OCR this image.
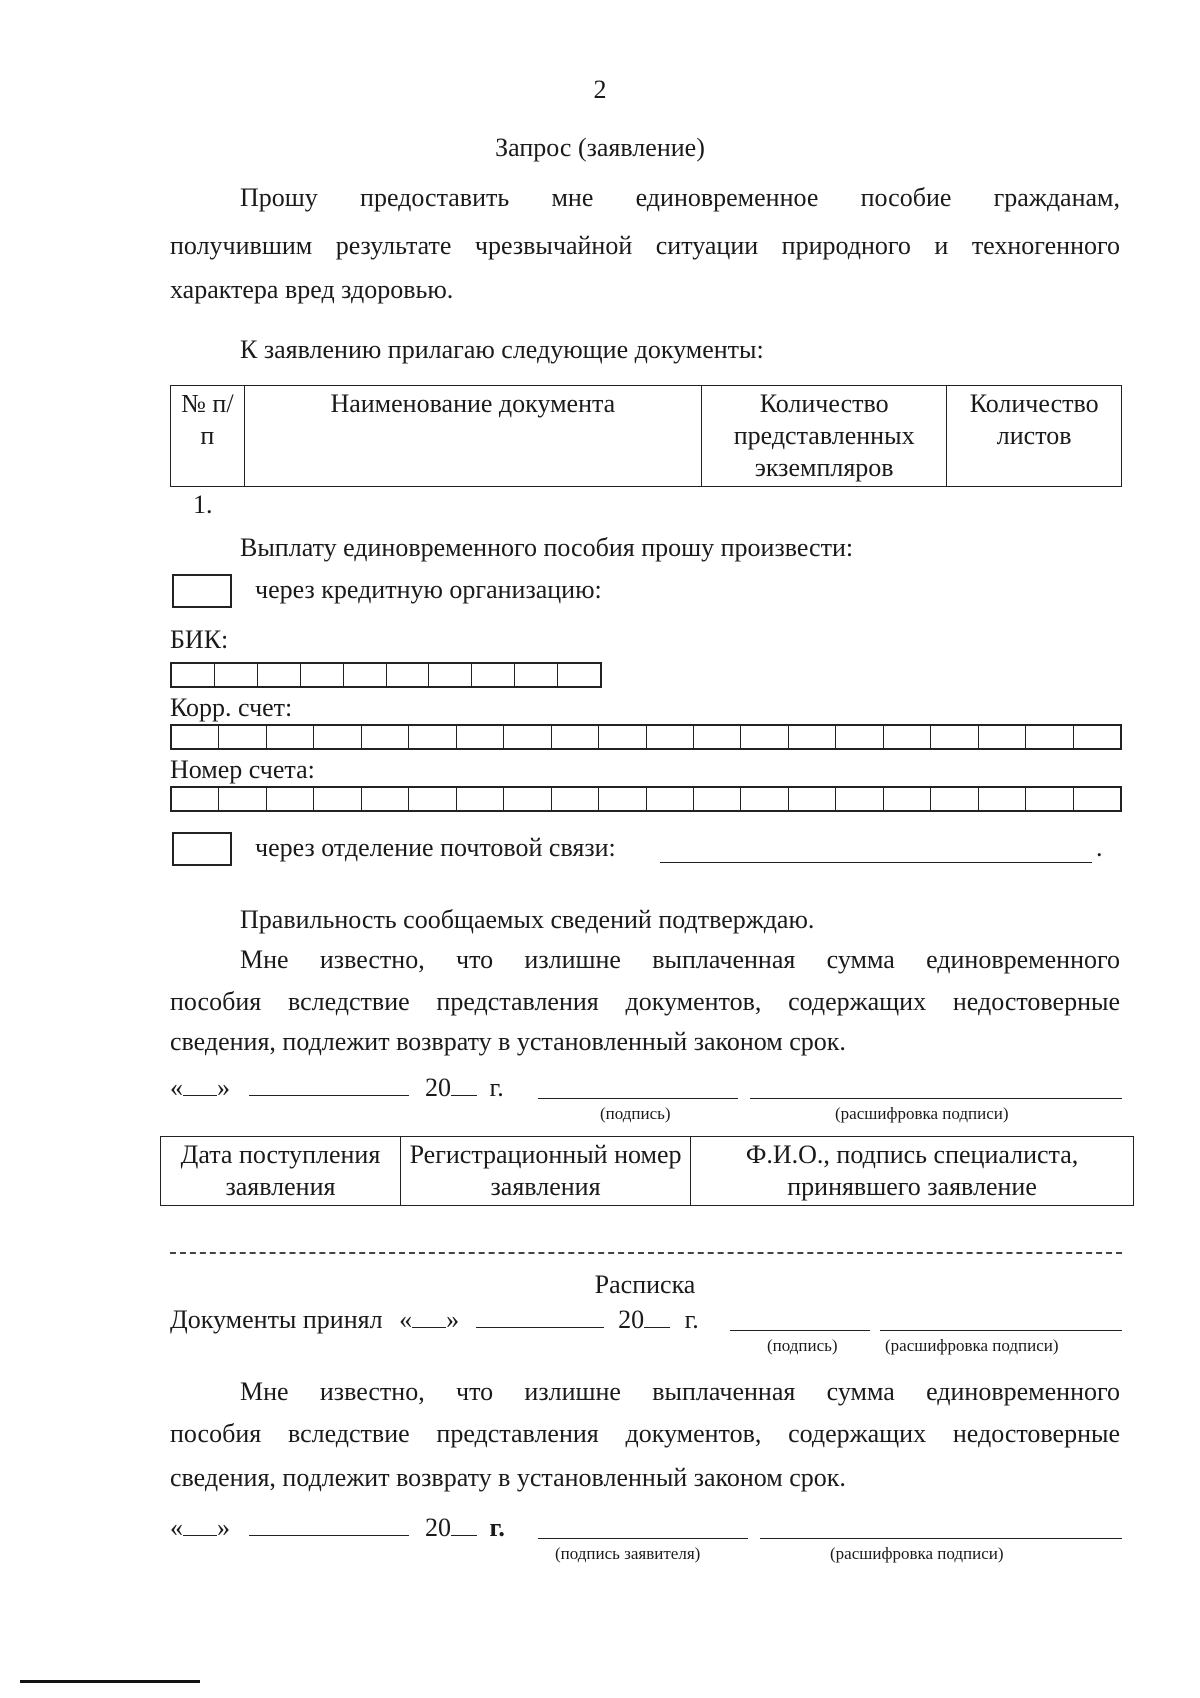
2
Запрос (заявление)
Прошу предоставить мне единовременное пособие гражданам,
получившим результате чрезвычайной ситуации природного и техногенного
характера вред здоровью.
К заявлению прилагаю следующие документы:
№ п/п	Наименование документа	Количество представленных экземпляров	Количество листов
1.
Выплату единовременного пособия прошу произвести:
через кредитную организацию:
БИК:
Корр. счет:
Номер счета:
через отделение почтовой связи:	.
Правильность сообщаемых сведений подтверждаю.
Мне известно, что излишне выплаченная сумма единовременного
пособия вследствие представления документов, содержащих недостоверные
сведения, подлежит возврату в установленный законом срок.
« »	20 г.
(подпись)	(расшифровка подписи)
Дата поступления заявления	Регистрационный номер заявления	Ф.И.О., подпись специалиста, принявшего заявление
Расписка
Документы принял « »	20 г.
(подпись)	(расшифровка подписи)
Мне известно, что излишне выплаченная сумма единовременного
пособия вследствие представления документов, содержащих недостоверные
сведения, подлежит возврату в установленный законом срок.
« »	20 г.
(подпись заявителя)	(расшифровка подписи)
